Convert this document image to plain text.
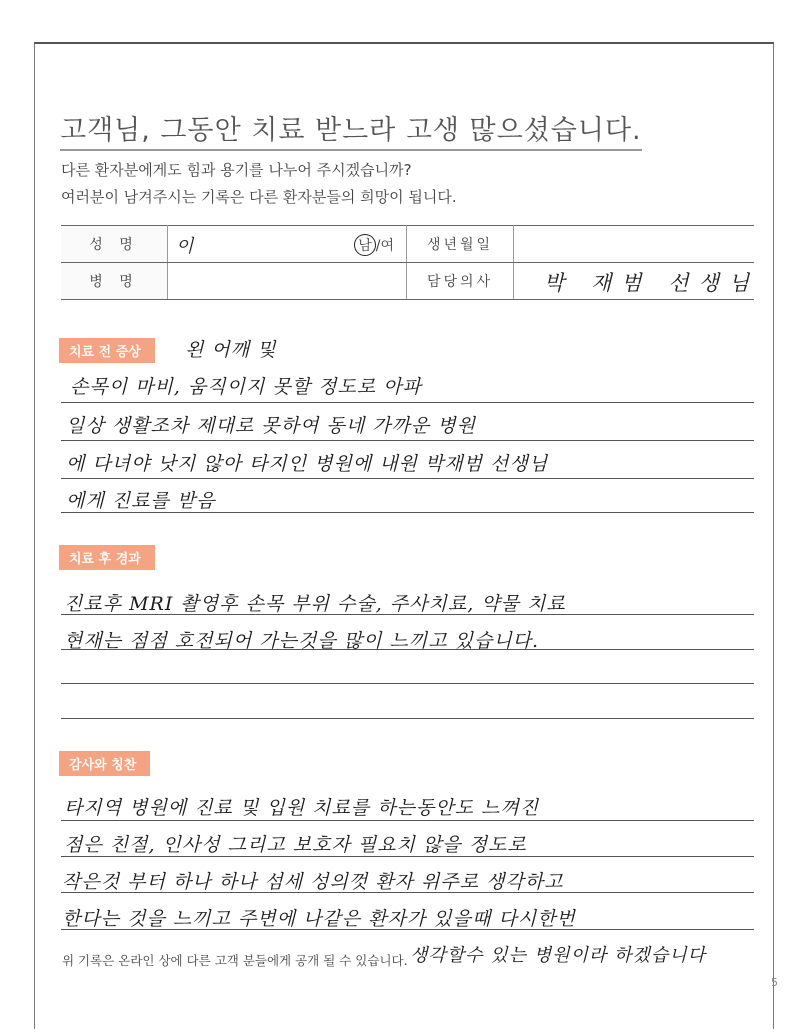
고객님, 그동안 치료 받느라 고생 많으셨습니다.
다른 환자분에게도 힘과 용기를 나누어 주시겠습니까?
여러분이 남겨주시는 기록은 다른 환자분들의 희망이 됩니다.
성 명	이 남 /여	생년월일	
병 명		담당의사	박 재범 선생님
치료 전 증상	왼 어깨 및
손목이 마비, 움직이지 못할 정도로 아파
일상 생활조차 제대로 못하여 동네 가까운 병원
에 다녀야 낫지 않아 타지인 병원에 내원 박재범 선생님
에게 진료를 받음
치료 후 경과
진료후 MRI 촬영후 손목 부위 수술, 주사치료, 약물 치료
현재는 점점 호전되어 가는것을 많이 느끼고 있습니다.
감사와 칭찬
타지역 병원에 진료 및 입원 치료를 하는동안도 느껴진
점은 친절, 인사성 그리고 보호자 필요치 않을 정도로
작은것 부터 하나 하나 섬세 성의껏 환자 위주로 생각하고
한다는 것을 느끼고 주변에 나같은 환자가 있을때 다시한번
생각할수 있는 병원이라 하겠습니다
위 기록은 온라인 상에 다른 고객 분들에게 공개 될 수 있습니다.
5
